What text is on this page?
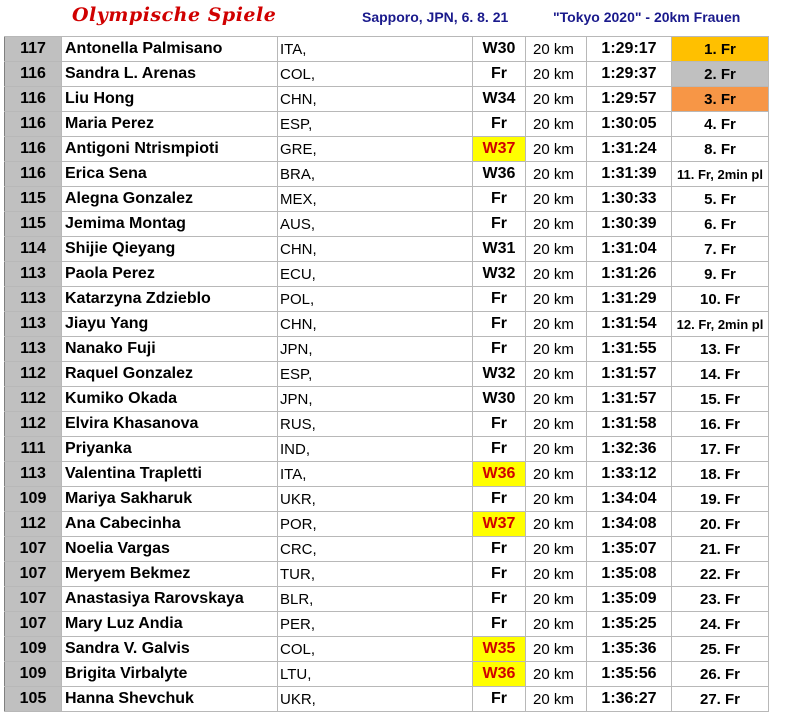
Olympische Spiele	Sapporo, JPN, 6. 8. 21	"Tokyo 2020" - 20km Frauen
117	Antonella Palmisano	ITA,	W30	20 km	1:29:17	1. Fr
116	Sandra L. Arenas	COL,	Fr	20 km	1:29:37	2. Fr
116	Liu Hong	CHN,	W34	20 km	1:29:57	3. Fr
116	Maria Perez	ESP,	Fr	20 km	1:30:05	4. Fr
116	Antigoni Ntrismpioti	GRE,	W37	20 km	1:31:24	8. Fr
116	Erica Sena	BRA,	W36	20 km	1:31:39	11. Fr, 2min pl
115	Alegna Gonzalez	MEX,	Fr	20 km	1:30:33	5. Fr
115	Jemima Montag	AUS,	Fr	20 km	1:30:39	6. Fr
114	Shijie Qieyang	CHN,	W31	20 km	1:31:04	7. Fr
113	Paola Perez	ECU,	W32	20 km	1:31:26	9. Fr
113	Katarzyna Zdzieblo	POL,	Fr	20 km	1:31:29	10. Fr
113	Jiayu Yang	CHN,	Fr	20 km	1:31:54	12. Fr, 2min pl
113	Nanako Fuji	JPN,	Fr	20 km	1:31:55	13. Fr
112	Raquel Gonzalez	ESP,	W32	20 km	1:31:57	14. Fr
112	Kumiko Okada	JPN,	W30	20 km	1:31:57	15. Fr
112	Elvira Khasanova	RUS,	Fr	20 km	1:31:58	16. Fr
111	Priyanka	IND,	Fr	20 km	1:32:36	17. Fr
113	Valentina Trapletti	ITA,	W36	20 km	1:33:12	18. Fr
109	Mariya Sakharuk	UKR,	Fr	20 km	1:34:04	19. Fr
112	Ana Cabecinha	POR,	W37	20 km	1:34:08	20. Fr
107	Noelia Vargas	CRC,	Fr	20 km	1:35:07	21. Fr
107	Meryem Bekmez	TUR,	Fr	20 km	1:35:08	22. Fr
107	Anastasiya Rarovskaya	BLR,	Fr	20 km	1:35:09	23. Fr
107	Mary Luz Andia	PER,	Fr	20 km	1:35:25	24. Fr
109	Sandra V. Galvis	COL,	W35	20 km	1:35:36	25. Fr
109	Brigita Virbalyte	LTU,	W36	20 km	1:35:56	26. Fr
105	Hanna Shevchuk	UKR,	Fr	20 km	1:36:27	27. Fr
